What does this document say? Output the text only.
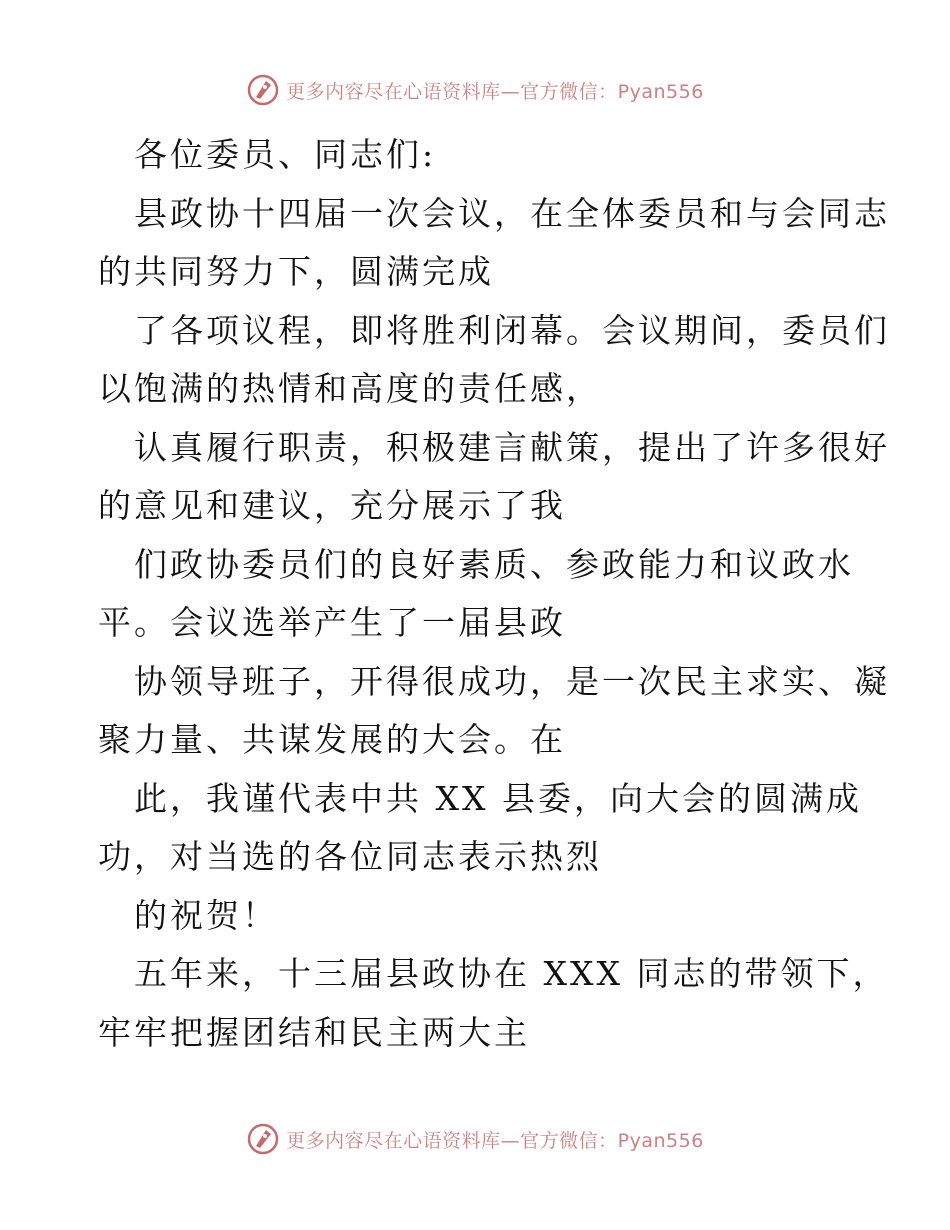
更多内容尽在心语资料库—官方微信：Pyan556
各位委员、同志们:
县政协十四届一次会议，在全体委员和与会同志
的共同努力下，圆满完成
了各项议程，即将胜利闭幕。会议期间，委员们
以饱满的热情和高度的责任感，
认真履行职责，积极建言献策，提出了许多很好
的意见和建议，充分展示了我
们政协委员们的良好素质、参政能力和议政水
平。会议选举产生了一届县政
协领导班子，开得很成功，是一次民主求实、凝
聚力量、共谋发展的大会。在
此，我谨代表中共 XX 县委，向大会的圆满成
功，对当选的各位同志表示热烈
的祝贺！
五年来，十三届县政协在 XXX 同志的带领下，
牢牢把握团结和民主两大主
更多内容尽在心语资料库—官方微信：Pyan556
